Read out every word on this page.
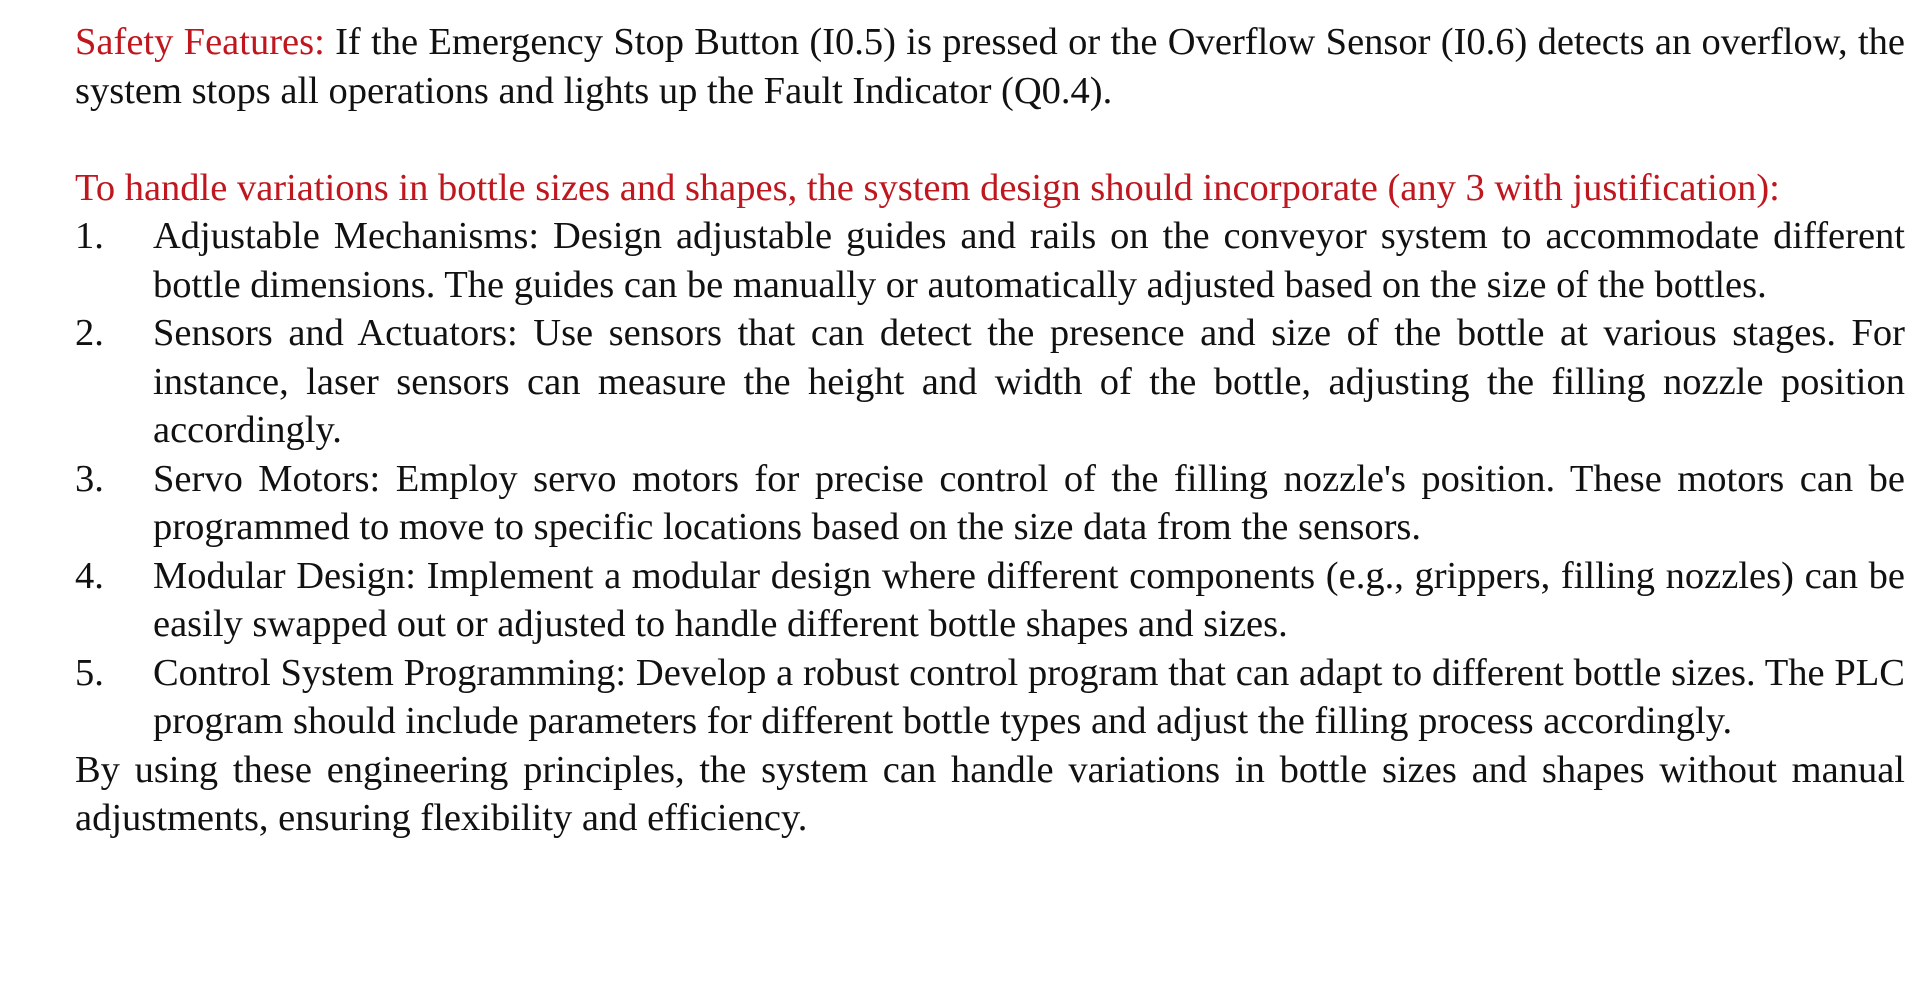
Safety Features: If the Emergency Stop Button (I0.5) is pressed or the Overflow Sensor (I0.6) detects an overflow, the system stops all operations and lights up the Fault Indicator (Q0.4).

To handle variations in bottle sizes and shapes, the system design should incorporate (any 3 with justification):

1. Adjustable Mechanisms: Design adjustable guides and rails on the conveyor system to accommodate different bottle dimensions. The guides can be manually or automatically adjusted based on the size of the bottles.
2. Sensors and Actuators: Use sensors that can detect the presence and size of the bottle at various stages. For instance, laser sensors can measure the height and width of the bottle, adjusting the filling nozzle position accordingly.
3. Servo Motors: Employ servo motors for precise control of the filling nozzle's position. These motors can be programmed to move to specific locations based on the size data from the sensors.
4. Modular Design: Implement a modular design where different components (e.g., grippers, filling nozzles) can be easily swapped out or adjusted to handle different bottle shapes and sizes.
5. Control System Programming: Develop a robust control program that can adapt to different bottle sizes. The PLC program should include parameters for different bottle types and adjust the filling process accordingly.

By using these engineering principles, the system can handle variations in bottle sizes and shapes without manual adjustments, ensuring flexibility and efficiency.
